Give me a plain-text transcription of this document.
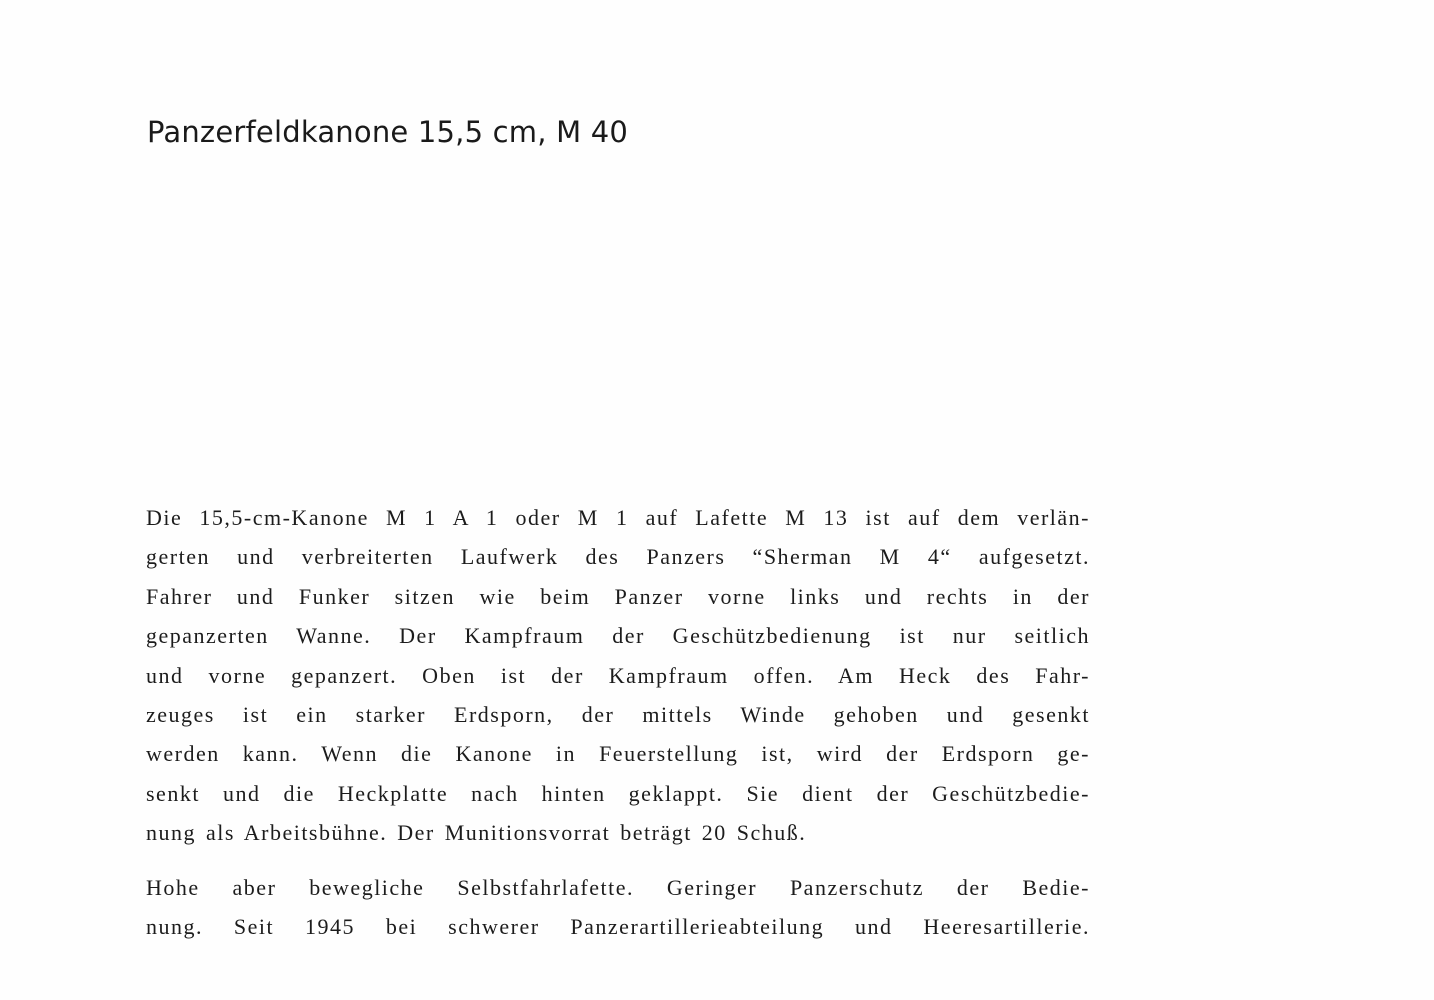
Panzerfeldkanone 15,5 cm, M 40
Die 15,5-cm-Kanone M 1 A 1 oder M 1 auf Lafette M 13 ist auf dem verlän-
gerten und verbreiterten Laufwerk des Panzers “Sherman M 4“ aufgesetzt.
Fahrer und Funker sitzen wie beim Panzer vorne links und rechts in der
gepanzerten Wanne. Der Kampfraum der Geschützbedienung ist nur seitlich
und vorne gepanzert. Oben ist der Kampfraum offen. Am Heck des Fahr-
zeuges ist ein starker Erdsporn, der mittels Winde gehoben und gesenkt
werden kann. Wenn die Kanone in Feuerstellung ist, wird der Erdsporn ge-
senkt und die Heckplatte nach hinten geklappt. Sie dient der Geschützbedie-
nung als Arbeitsbühne. Der Munitionsvorrat beträgt 20 Schuß.
Hohe aber bewegliche Selbstfahrlafette. Geringer Panzerschutz der Bedie-
nung. Seit 1945 bei schwerer Panzerartillerieabteilung und Heeresartillerie.
